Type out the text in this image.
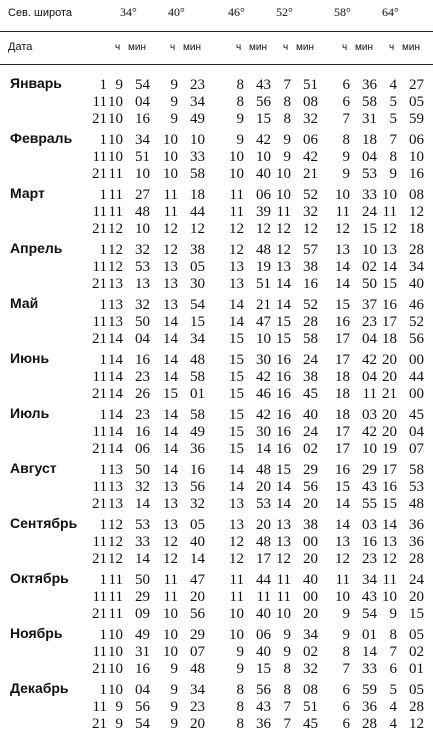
Сев. широта	34°	40°	46°	52°	58°	64°
Дата	ч мин ч мин	ч мин ч мин	ч мин ч мин
Январь	1 9 54	9 23	8 43 7 51	6 36 4 27
11 10 04	9 34	8 56 8 08	6 58 5 05
21 10 16	9 49	9 15 8 32	7 31 5 59
Февраль	1 10 34 10 10	9 42 9 06	8 18 7 06
11 10 51 10 33	10 10 9 42	9 04 8 10
21 11 10 10 58	10 40 10 21	9 53 9 16
Март	1 11 27 11 18	11 06 10 52	10 33 10 08
11 11 48 11 44	11 39 11 32	11 24 11 12
21 12 10 12 12	12 12 12 12	12 15 12 18
Апрель	1 12 32 12 38	12 48 12 57	13 10 13 28
11 12 53 13 05	13 19 13 38	14 02 14 34
21 13 13 13 30	13 51 14 16	14 50 15 40
Май	1 13 32 13 54	14 21 14 52	15 37 16 46
11 13 50 14 15	14 47 15 28	16 23 17 52
21 14 04 14 34	15 10 15 58	17 04 18 56
Июнь	1 14 16 14 48	15 30 16 24	17 42 20 00
11 14 23 14 58	15 42 16 38	18 04 20 44
21 14 26 15 01	15 46 16 45	18 11 21 00
Июль	1 14 23 14 58	15 42 16 40	18 03 20 45
11 14 16 14 49	15 30 16 24	17 42 20 04
21 14 06 14 36	15 14 16 02	17 10 19 07
Август	1 13 50 14 16	14 48 15 29	16 29 17 58
11 13 32 13 56	14 20 14 56	15 43 16 53
21 13 14 13 32	13 53 14 20	14 55 15 48
Сентябрь	1 12 53 13 05	13 20 13 38	14 03 14 36
11 12 33 12 40	12 48 13 00	13 16 13 36
21 12 14 12 14	12 17 12 20	12 23 12 28
Октябрь	1 11 50 11 47	11 44 11 40	11 34 11 24
11 11 29 11 20	11 11 11 00	10 43 10 20
21 11 09 10 56	10 40 10 20	9 54 9 15
Ноябрь	1 10 49 10 29	10 06 9 34	9 01 8 05
11 10 31 10 07	9 40 9 02	8 14 7 02
21 10 16	9 48	9 15 8 32	7 33 6 01
Декабрь	1 10 04	9 34	8 56 8 08	6 59 5 05
11 9 56	9 23	8 43 7 51	6 36 4 28
21 9 54	9 20	8 36 7 45	6 28 4 12
